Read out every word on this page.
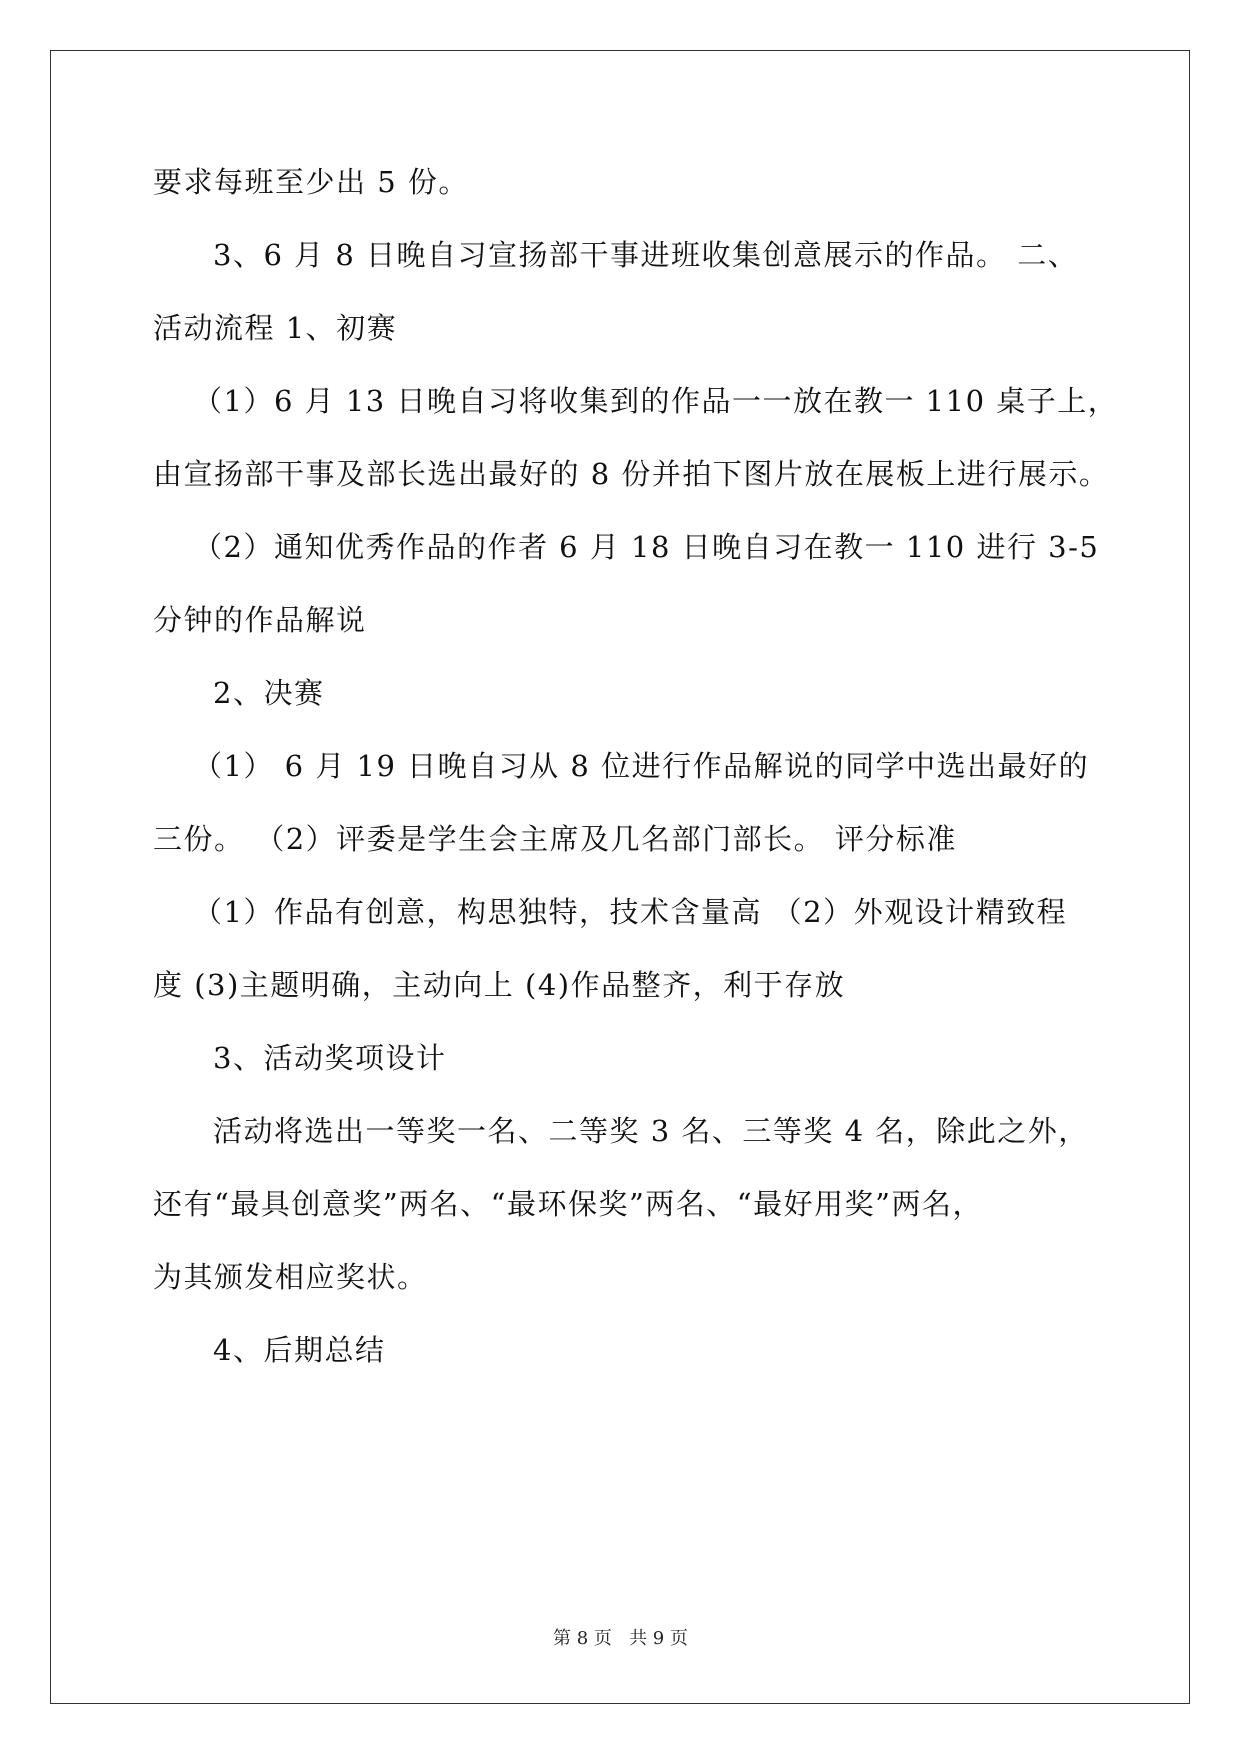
要求每班至少出 5 份。
3、6 月 8 日晚自习宣扬部干事进班收集创意展示的作品。 二、
活动流程 1、初赛
（1）6 月 13 日晚自习将收集到的作品一一放在教一 110 桌子上，
由宣扬部干事及部长选出最好的 8 份并拍下图片放在展板上进行展示。
（2）通知优秀作品的作者 6 月 18 日晚自习在教一 110 进行 3-5
分钟的作品解说
2、决赛
（1） 6 月 19 日晚自习从 8 位进行作品解说的同学中选出最好的
三份。 （2）评委是学生会主席及几名部门部长。 评分标准
（1）作品有创意，构思独特，技术含量高 （2）外观设计精致程
度 (3)主题明确，主动向上 (4)作品整齐，利于存放
3、活动奖项设计
活动将选出一等奖一名、二等奖 3 名、三等奖 4 名，除此之外，
还有“最具创意奖”两名、“最环保奖”两名、“最好用奖”两名，
为其颁发相应奖状。
4、后期总结
第 8 页 共 9 页
